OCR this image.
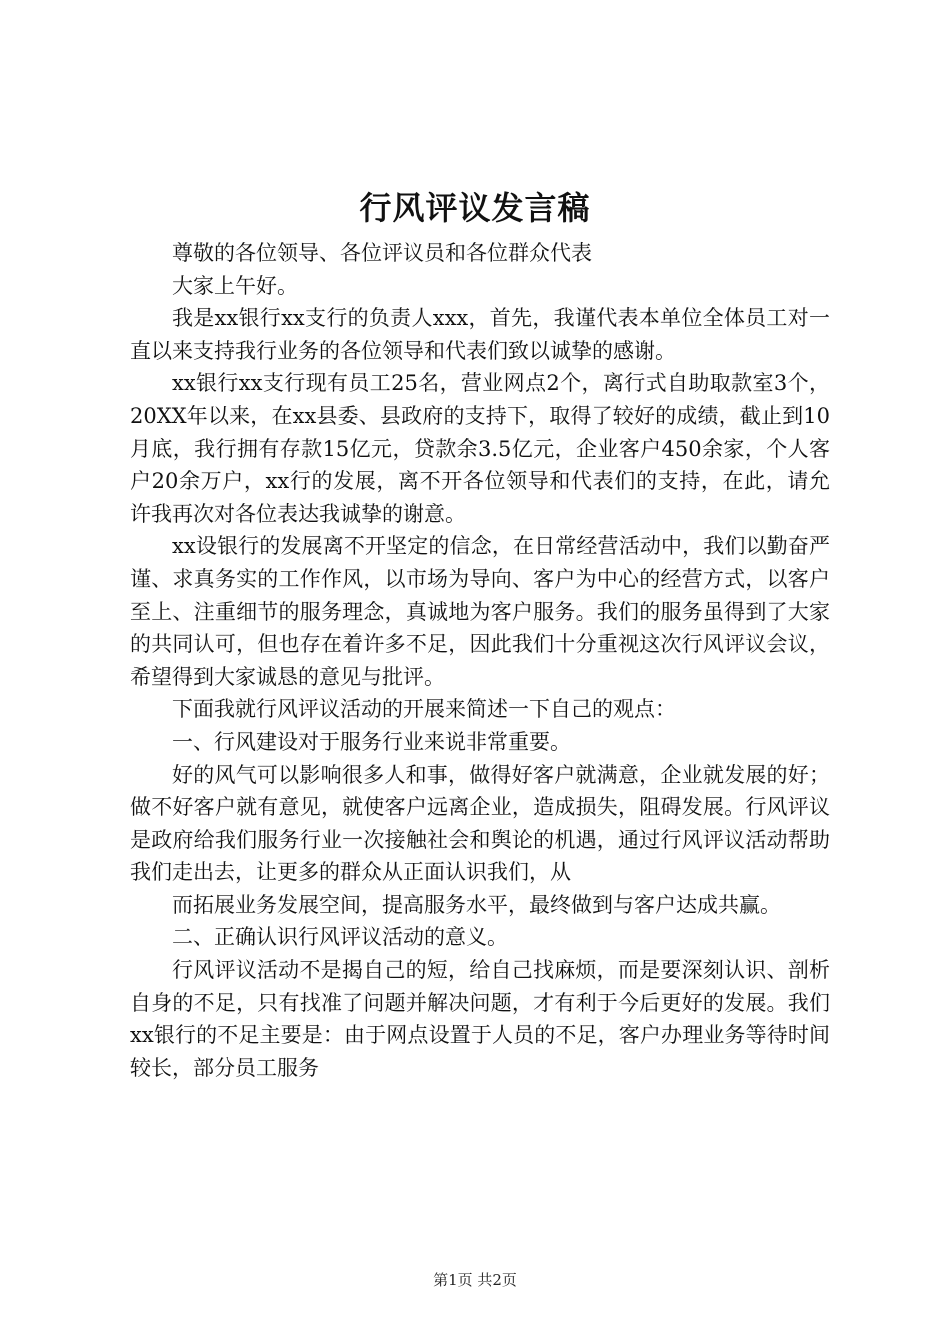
行风评议发言稿

尊敬的各位领导、各位评议员和各位群众代表

大家上午好。

我是xx银行xx支行的负责人xxx，首先，我谨代表本单位全体员工对一直以来支持我行业务的各位领导和代表们致以诚挚的感谢。

xx银行xx支行现有员工25名，营业网点2个，离行式自助取款室3个，20XX年以来，在xx县委、县政府的支持下，取得了较好的成绩，截止到10月底，我行拥有存款15亿元，贷款余3.5亿元，企业客户450余家，个人客户20余万户，xx行的发展，离不开各位领导和代表们的支持，在此，请允许我再次对各位表达我诚挚的谢意。

xx设银行的发展离不开坚定的信念，在日常经营活动中，我们以勤奋严谨、求真务实的工作作风，以市场为导向、客户为中心的经营方式，以客户至上、注重细节的服务理念，真诚地为客户服务。我们的服务虽得到了大家的共同认可，但也存在着许多不足，因此我们十分重视这次行风评议会议，希望得到大家诚恳的意见与批评。

下面我就行风评议活动的开展来简述一下自己的观点：

一、行风建设对于服务行业来说非常重要。

好的风气可以影响很多人和事，做得好客户就满意，企业就发展的好；做不好客户就有意见，就使客户远离企业，造成损失，阻碍发展。行风评议是政府给我们服务行业一次接触社会和舆论的机遇，通过行风评议活动帮助我们走出去，让更多的群众从正面认识我们，从

而拓展业务发展空间，提高服务水平，最终做到与客户达成共赢。

二、正确认识行风评议活动的意义。

行风评议活动不是揭自己的短，给自己找麻烦，而是要深刻认识、剖析自身的不足，只有找准了问题并解决问题，才有利于今后更好的发展。我们xx银行的不足主要是：由于网点设置于人员的不足，客户办理业务等待时间较长，部分员工服务

第1页 共2页
